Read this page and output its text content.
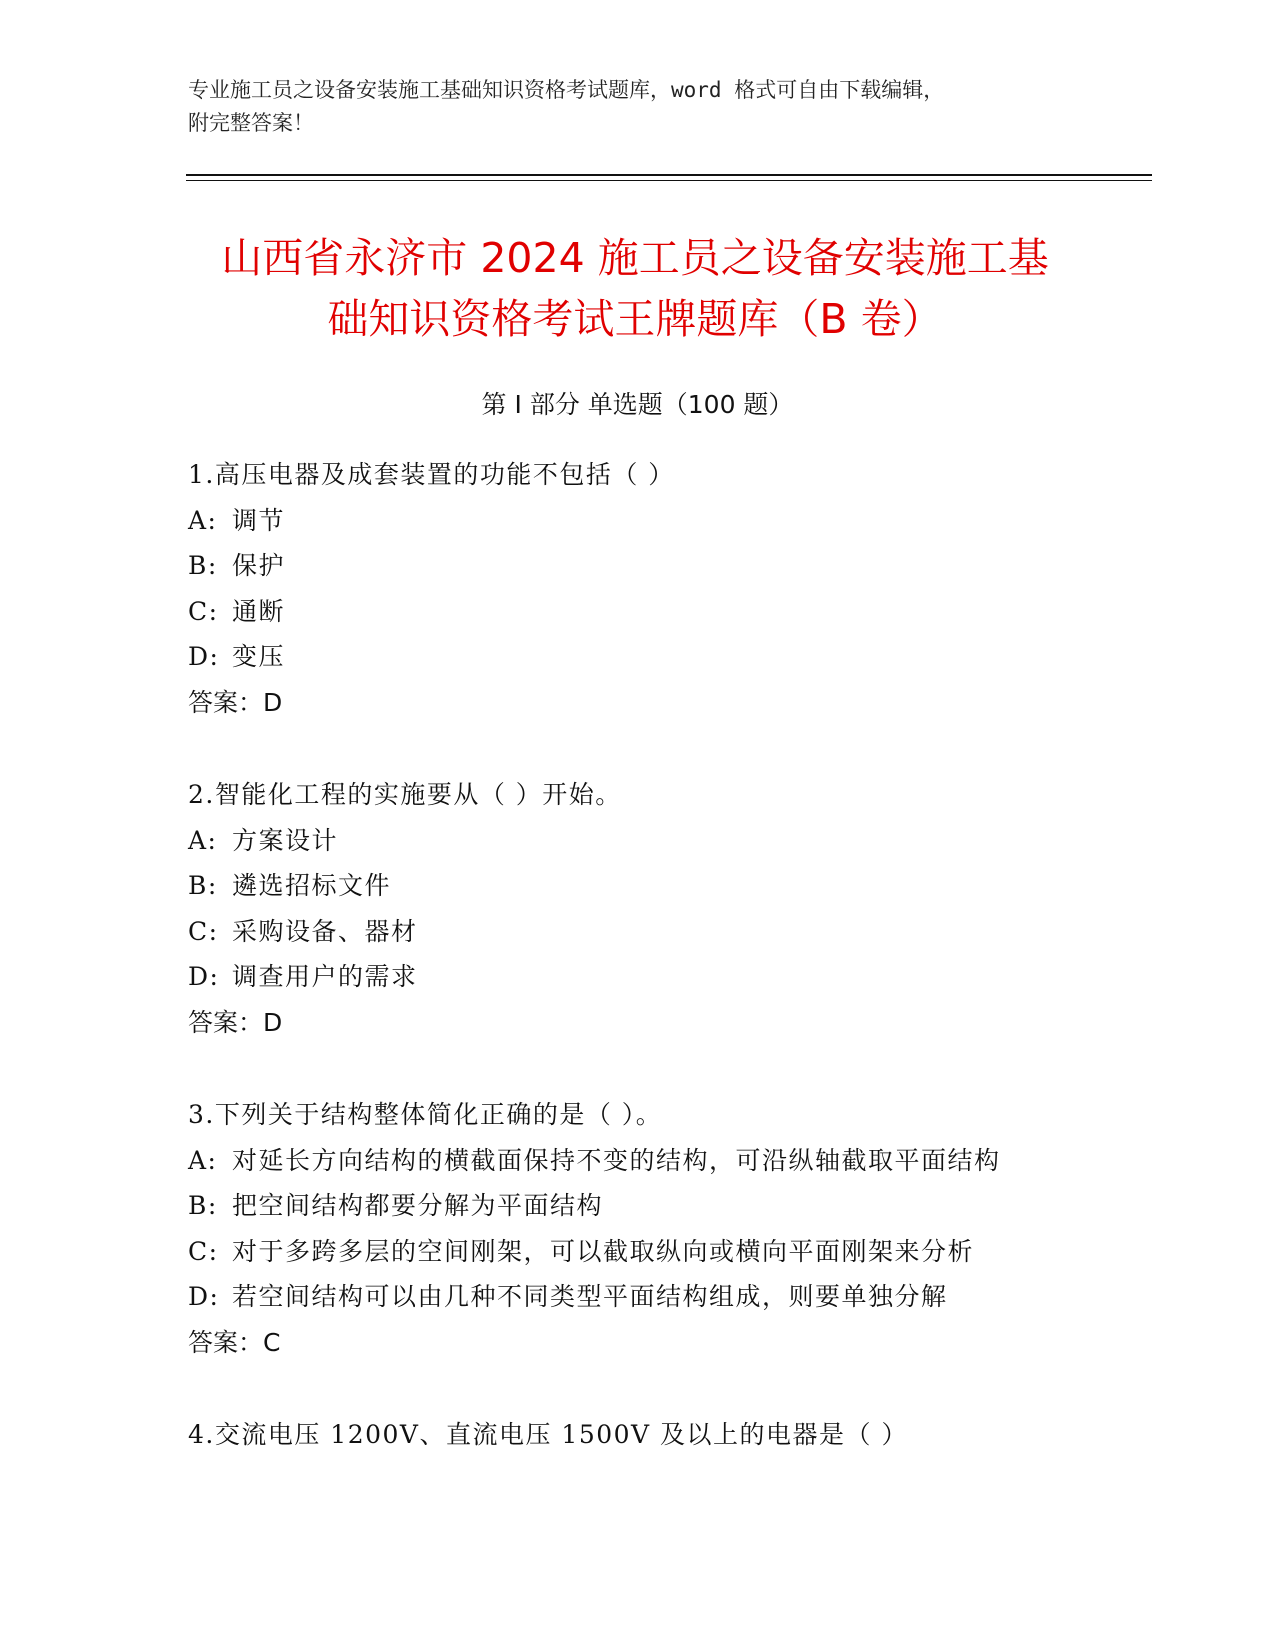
专业施工员之设备安装施工基础知识资格考试题库，word 格式可自由下载编辑，
附完整答案！
山西省永济市 2024 施工员之设备安装施工基
础知识资格考试王牌题库（B 卷）
第 I 部分 单选题（100 题）
1.高压电器及成套装置的功能不包括（ ）
A: 调节
B: 保护
C: 通断
D: 变压
答案：D
2.智能化工程的实施要从（ ）开始。
A: 方案设计
B: 遴选招标文件
C: 采购设备、器材
D: 调查用户的需求
答案：D
3.下列关于结构整体简化正确的是（ ）。
A: 对延长方向结构的横截面保持不变的结构，可沿纵轴截取平面结构
B: 把空间结构都要分解为平面结构
C: 对于多跨多层的空间刚架，可以截取纵向或横向平面刚架来分析
D: 若空间结构可以由几种不同类型平面结构组成，则要单独分解
答案：C
4.交流电压 1200V、直流电压 1500V 及以上的电器是（ ）
